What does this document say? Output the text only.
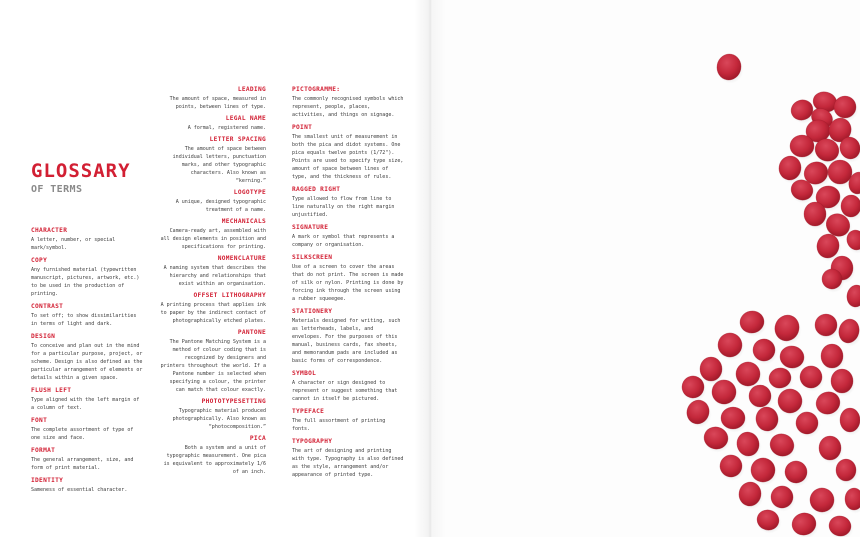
GLOSSARY
OF TERMS
CHARACTER
A letter, number, or special mark/symbol.
COPY
Any furnished material (typewritten manuscript, pictures, artwork, etc.) to be used in the production of printing.
CONTRAST
To set off; to show dissimilarities in terms of light and dark.
DESIGN
To conceive and plan out in the mind for a particular purpose, project, or scheme. Design is also defined as the particular arrangement of elements or details within a given space.
FLUSH LEFT
Type aligned with the left margin of a column of text.
FONT
The complete assortment of type of one size and face.
FORMAT
The general arrangement, size, and form of print material.
IDENTITY
Sameness of essential character.
LEADING
The amount of space, measured in points, between lines of type.
LEGAL NAME
A formal, registered name.
LETTER SPACING
The amount of space between individual letters, punctuation marks, and other typographic characters. Also known as “kerning.”
LOGOTYPE
A unique, designed typographic treatment of a name.
MECHANICALS
Camera-ready art, assembled with all design elements in position and specifications for printing.
NOMENCLATURE
A naming system that describes the hierarchy and relationships that exist within an organisation.
OFFSET LITHOGRAPHY
A printing process that applies ink to paper by the indirect contact of photographically etched plates.
PANTONE
The Pantone Matching System is a method of colour coding that is recognized by designers and printers throughout the world. If a Pantone number is selected when specifying a colour, the printer can match that colour exactly.
PHOTOTYPESETTING
Typographic material produced photographically. Also known as “photocomposition.”
PICA
Both a system and a unit of typographic measurement. One pica is equivalent to approximately 1/6 of an inch.
PICTOGRAMME:
The commonly recognised symbols which represent, people, places, activities, and things on signage.
POINT
The smallest unit of measurement in both the pica and didot systems. One pica equals twelve points (1/72"). Points are used to specify type size, amount of space between lines of type, and the thickness of rules.
RAGGED RIGHT
Type allowed to flow from line to line naturally on the right margin unjustified.
SIGNATURE
A mark or symbol that represents a company or organisation.
SILKSCREEN
Use of a screen to cover the areas that do not print. The screen is made of silk or nylon. Printing is done by forcing ink through the screen using a rubber squeegee.
STATIONERY
Materials designed for writing, such as letterheads, labels, and envelopes. For the purposes of this manual, business cards, fax sheets, and memorandum pads are included as basic forms of correspondence.
SYMBOL
A character or sign designed to represent or suggest something that cannot in itself be pictured.
TYPEFACE
The full assortment of printing fonts.
TYPOGRAPHY
The art of designing and printing with type. Typography is also defined as the style, arrangement and/or appearance of printed type.
